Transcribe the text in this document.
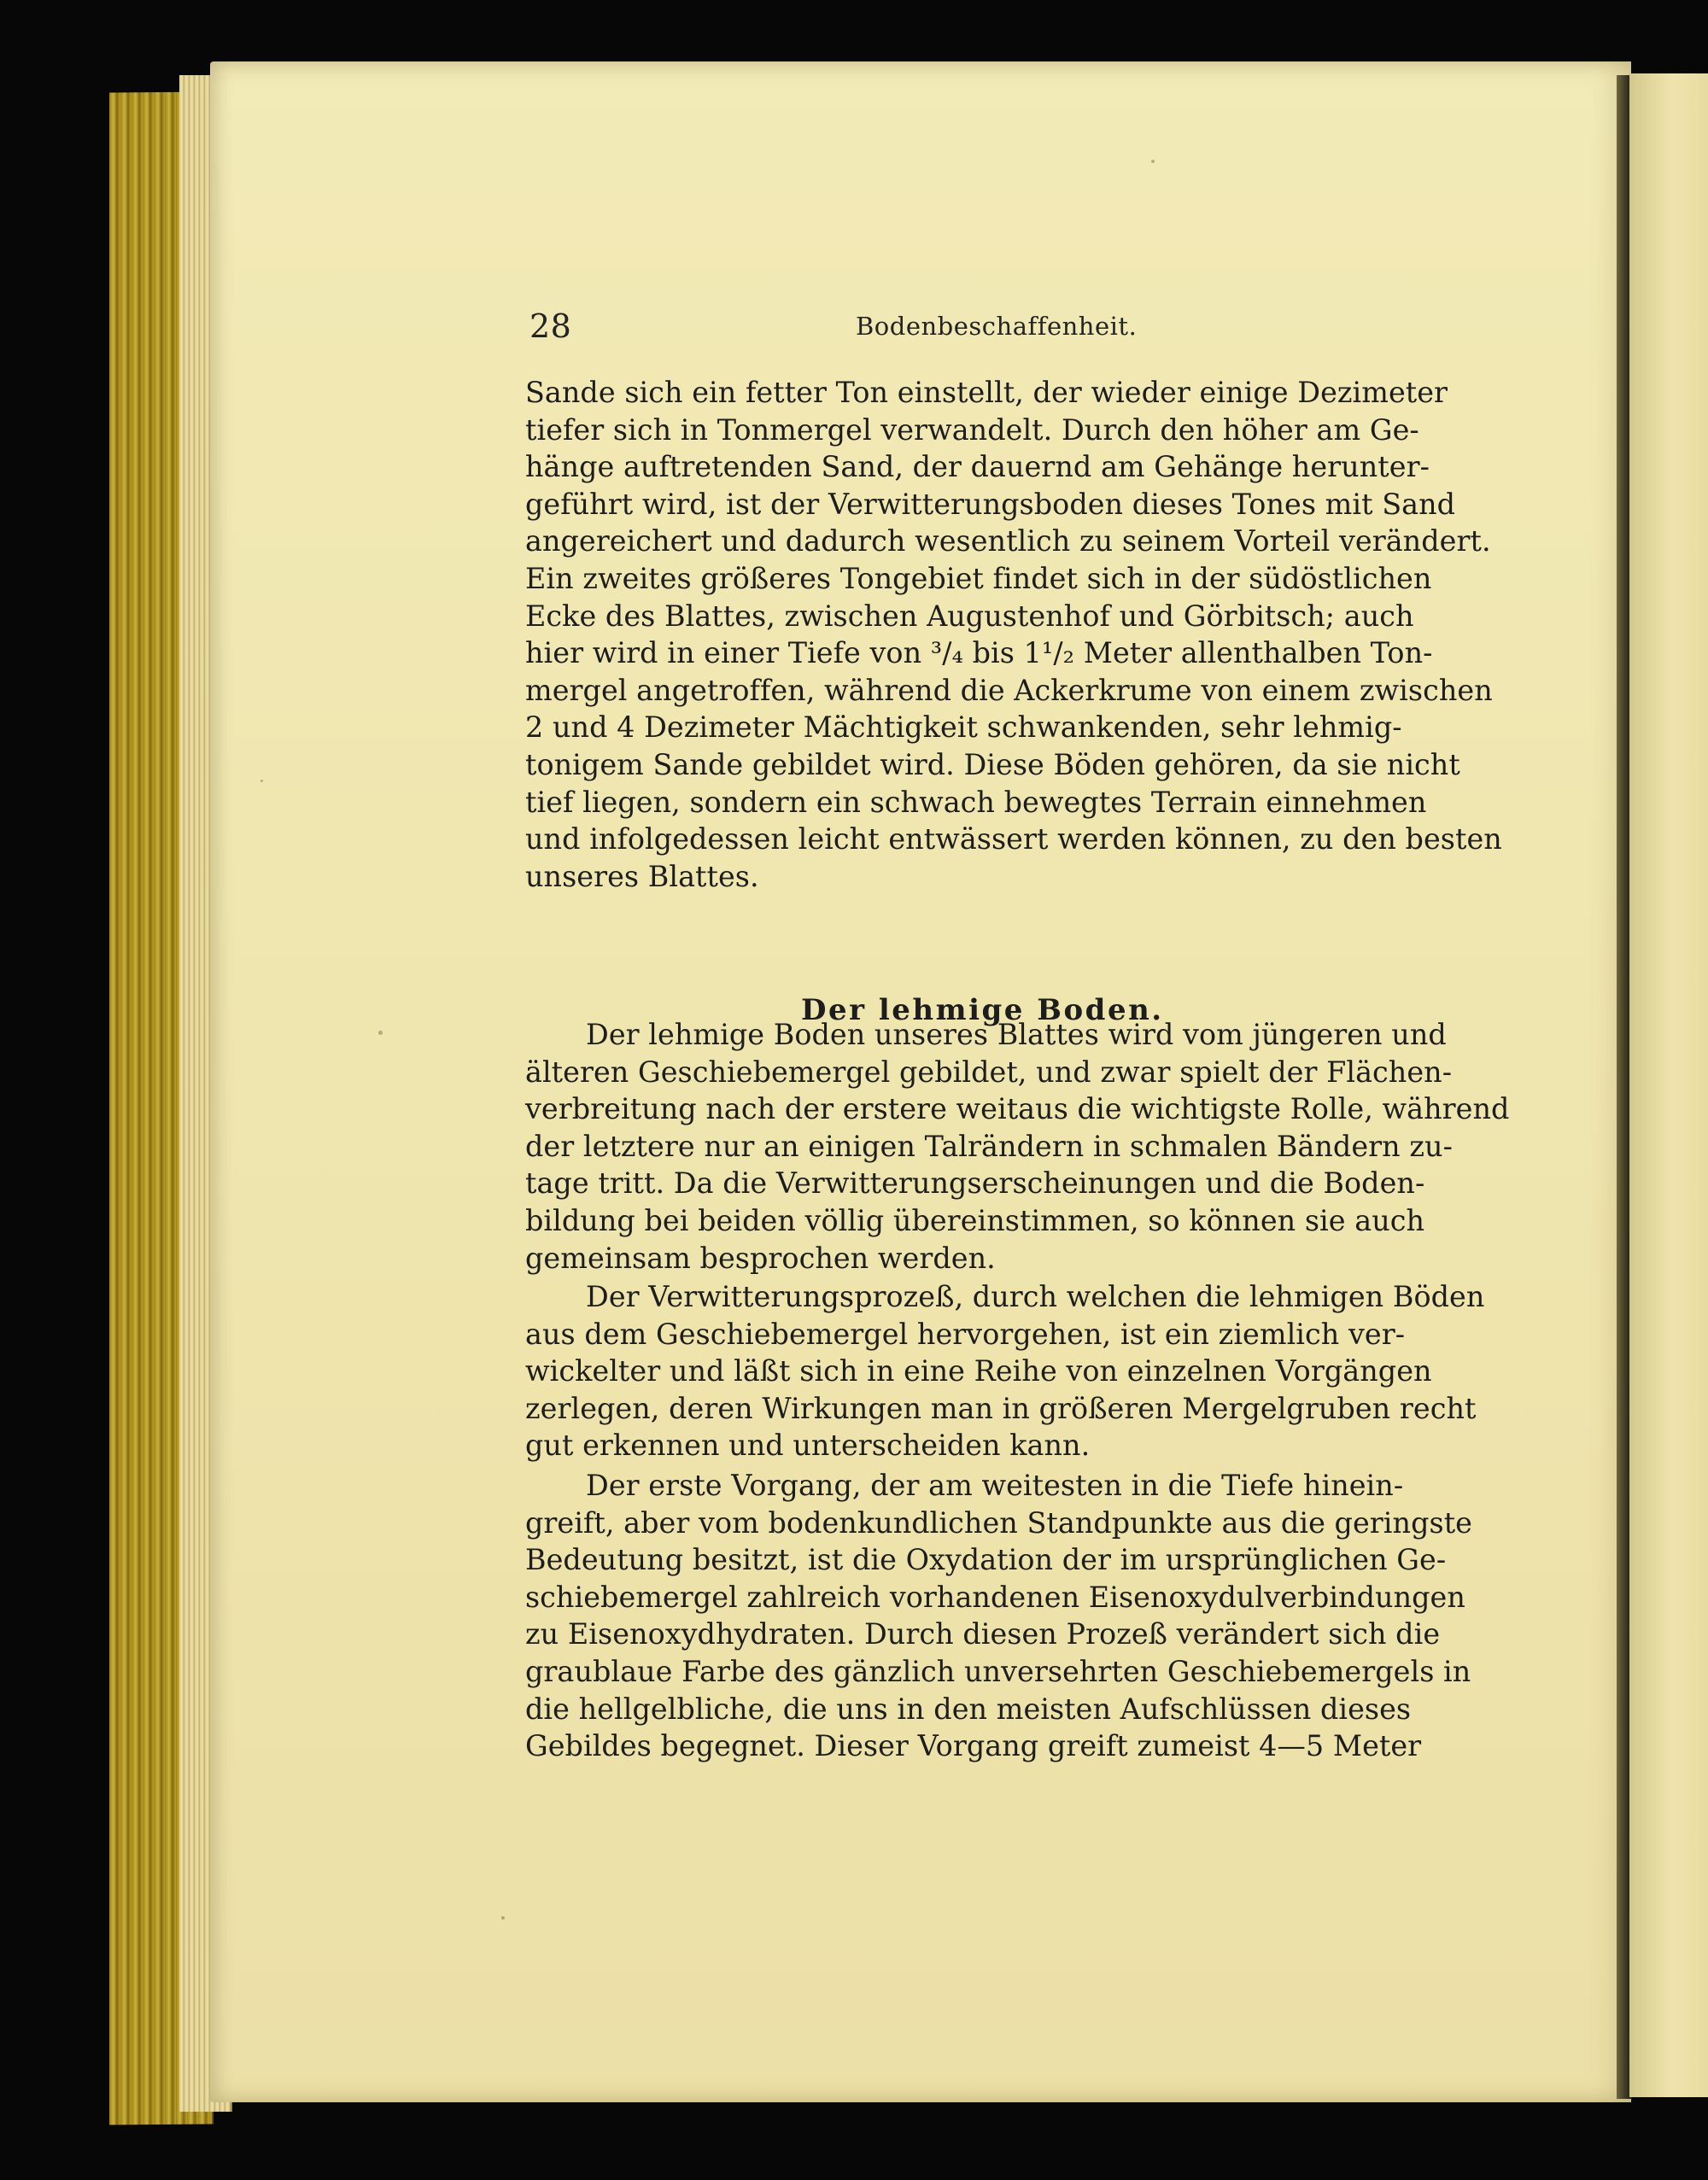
28	Bodenbeschaffenheit.
Sande sich ein fetter Ton einstellt, der wieder einige Dezimeter
tiefer sich in Tonmergel verwandelt. Durch den höher am Ge-
hänge auftretenden Sand, der dauernd am Gehänge herunter-
geführt wird, ist der Verwitterungsboden dieses Tones mit Sand
angereichert und dadurch wesentlich zu seinem Vorteil verändert.
Ein zweites größeres Tongebiet findet sich in der südöstlichen
Ecke des Blattes, zwischen Augustenhof und Görbitsch; auch
hier wird in einer Tiefe von ³/₄ bis 1¹/₂ Meter allenthalben Ton-
mergel angetroffen, während die Ackerkrume von einem zwischen
2 und 4 Dezimeter Mächtigkeit schwankenden, sehr lehmig-
tonigem Sande gebildet wird. Diese Böden gehören, da sie nicht
tief liegen, sondern ein schwach bewegtes Terrain einnehmen
und infolgedessen leicht entwässert werden können, zu den besten
unseres Blattes.
Der lehmige Boden.
Der lehmige Boden unseres Blattes wird vom jüngeren und
älteren Geschiebemergel gebildet, und zwar spielt der Flächen-
verbreitung nach der erstere weitaus die wichtigste Rolle, während
der letztere nur an einigen Talrändern in schmalen Bändern zu-
tage tritt. Da die Verwitterungserscheinungen und die Boden-
bildung bei beiden völlig übereinstimmen, so können sie auch
gemeinsam besprochen werden.
Der Verwitterungsprozeß, durch welchen die lehmigen Böden
aus dem Geschiebemergel hervorgehen, ist ein ziemlich ver-
wickelter und läßt sich in eine Reihe von einzelnen Vorgängen
zerlegen, deren Wirkungen man in größeren Mergelgruben recht
gut erkennen und unterscheiden kann.
Der erste Vorgang, der am weitesten in die Tiefe hinein-
greift, aber vom bodenkundlichen Standpunkte aus die geringste
Bedeutung besitzt, ist die Oxydation der im ursprünglichen Ge-
schiebemergel zahlreich vorhandenen Eisenoxydulverbindungen
zu Eisenoxydhydraten. Durch diesen Prozeß verändert sich die
graublaue Farbe des gänzlich unversehrten Geschiebemergels in
die hellgelbliche, die uns in den meisten Aufschlüssen dieses
Gebildes begegnet. Dieser Vorgang greift zumeist 4—5 Meter
